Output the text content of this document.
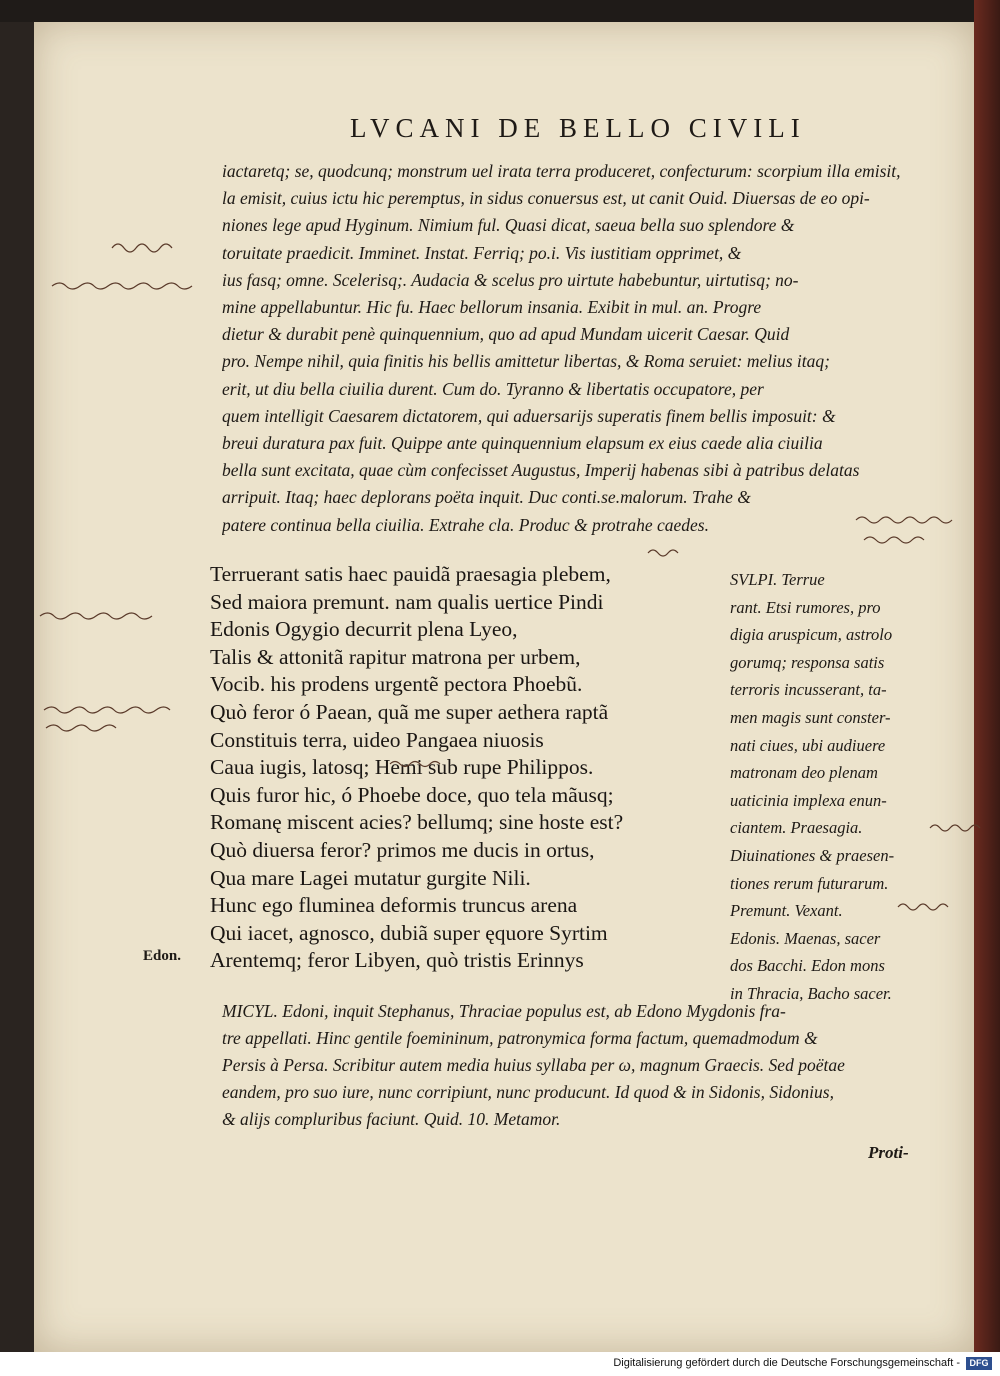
LVCANI DE BELLO CIVILI
iactaretq; se, quodcunq; monstrum uel irata terra produceret, confecturum: scorpium illa emisit,
la emisit, cuius ictu hic peremptus, in sidus conuersus est, ut canit Ouid. Diuersas de eo opi-
niones lege apud Hyginum. Nimium ful. Quasi dicat, saeua bella suo splendore &
toruitate praedicit. Imminet. Instat. Ferriq; po.i. Vis iustitiam opprimet, &
ius fasq; omne. Scelerisq;. Audacia & scelus pro uirtute habebuntur, uirtutisq; no-
mine appellabuntur. Hic fu. Haec bellorum insania. Exibit in mul. an. Progre
dietur & durabit penè quinquennium, quo ad apud Mundam uicerit Caesar. Quid
pro. Nempe nihil, quia finitis his bellis amittetur libertas, & Roma seruiet: melius itaq;
erit, ut diu bella ciuilia durent. Cum do. Tyranno & libertatis occupatore, per
quem intelligit Caesarem dictatorem, qui aduersarijs superatis finem bellis imposuit: &
breui duratura pax fuit. Quippe ante quinquennium elapsum ex eius caede alia ciuilia
bella sunt excitata, quae cùm confecisset Augustus, Imperij habenas sibi à patribus delatas
arripuit. Itaq; haec deplorans poëta inquit. Duc conti.se.malorum. Trahe &
patere continua bella ciuilia. Extrahe cla. Produc & protrahe caedes.
Terruerant satis haec pauidã praesagia plebem,
Sed maiora premunt. nam qualis uertice Pindi
Edonis Ogygio decurrit plena Lyeo,
Talis & attonitã rapitur matrona per urbem,
Vocib. his prodens urgentẽ pectora Phoebũ.
Quò feror ó Paean, quã me super aethera raptã
Constituis terra, uideo Pangaea niuosis
Caua iugis, latosq; Hemi sub rupe Philippos.
Quis furor hic, ó Phoebe doce, quo tela mãusq;
Romanę miscent acies? bellumq; sine hoste est?
Quò diuersa feror? primos me ducis in ortus,
Qua mare Lagei mutatur gurgite Nili.
Hunc ego fluminea deformis truncus arena
Qui iacet, agnosco, dubiã super ęquore Syrtim
Arentemq; feror Libyen, quò tristis Erinnys
SVLPI. Terrue
rant. Etsi rumores, pro
digia aruspicum, astrolo
gorumq; responsa satis
terroris incusserant, ta-
men magis sunt conster-
nati ciues, ubi audiuere
matronam deo plenam
uaticinia implexa enun-
ciantem. Praesagia.
Diuinationes & praesen-
tiones rerum futurarum.
Premunt. Vexant.
Edonis. Maenas, sacer
dos Bacchi. Edon mons
in Thracia, Bacho sacer.
Edon.
MICYL. Edoni, inquit Stephanus, Thraciae populus est, ab Edono Mygdonis fra-
tre appellati. Hinc gentile foemininum, patronymica forma factum, quemadmodum &
Persis à Persa. Scribitur autem media huius syllaba per ω, magnum Graecis. Sed poëtae
eandem, pro suo iure, nunc corripiunt, nunc producunt. Id quod & in Sidonis, Sidonius,
& alijs compluribus faciunt. Quid. 10. Metamor.
Proti-
Digitalisierung gefördert durch die Deutsche Forschungsgemeinschaft -	DFG
